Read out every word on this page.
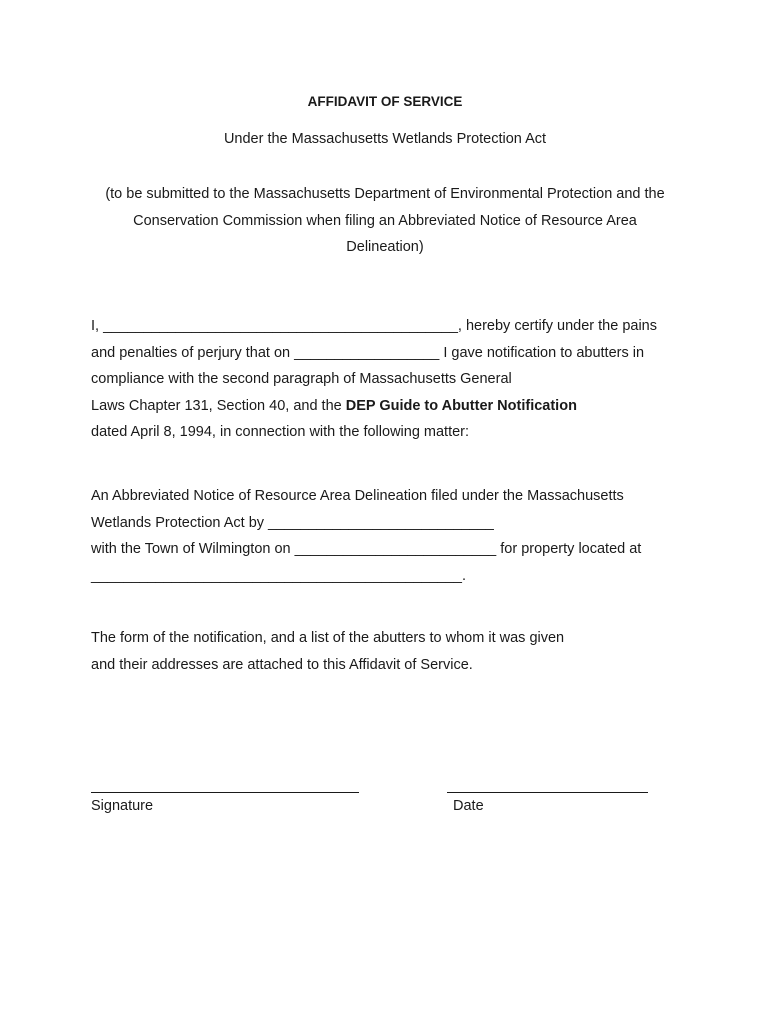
AFFIDAVIT OF SERVICE
Under the Massachusetts Wetlands Protection Act
(to be submitted to the Massachusetts Department of Environmental Protection and the
Conservation Commission when filing an Abbreviated Notice of Resource Area
Delineation)
I, ____________________________________________, hereby certify under the pains
and penalties of perjury that on __________________ I gave notification to abutters in
compliance with the second paragraph of Massachusetts General
Laws Chapter 131, Section 40, and the DEP Guide to Abutter Notification
dated April 8, 1994, in connection with the following matter:
An Abbreviated Notice of Resource Area Delineation filed under the Massachusetts
Wetlands Protection Act by ____________________________
with the Town of Wilmington on _________________________ for property located at
______________________________________________.
The form of the notification, and a list of the abutters to whom it was given
and their addresses are attached to this Affidavit of Service.
Signature	Date
